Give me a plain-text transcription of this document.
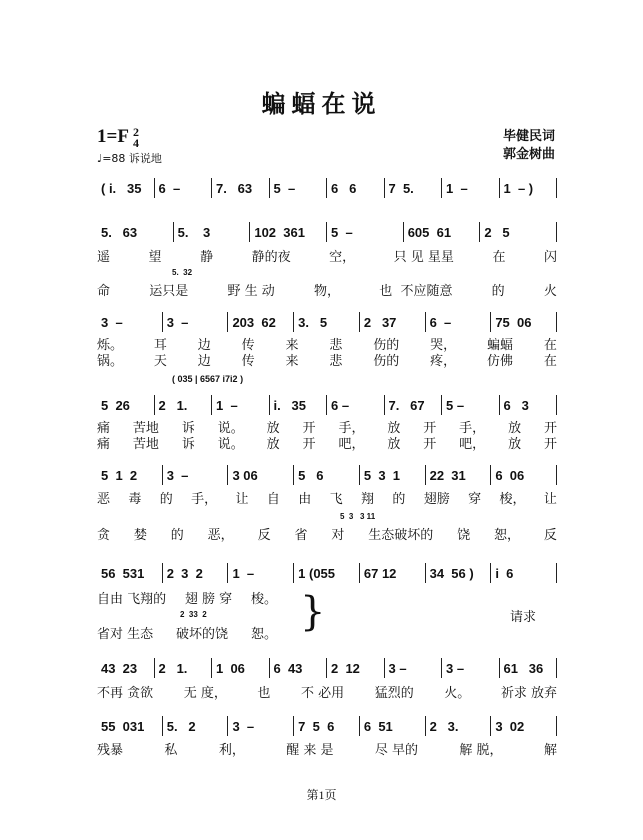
蝙蝠在说
1=F 2
4
♩=88 诉说地
毕健民词
郭金树曲
( i.   35	6  –	7.   63	5  –	6   6	7  5.	1  –	1  – )
5.   63	5.    3	102  361	5  –	605  61	2   5
遥	望	静	静的夜	空，	只 见 星星	在	闪
命	运只是	野 生 动	物，	也  不应随意	的	火
5.  32
3  –	3  –	203  62	3.   5	2   37	6  –	75  06
烁。 耳 边 传 来 悲 伤的 哭， 蝙蝠 在
锅。 天 边 传 来 悲 伤的 疼， 仿佛 在
5  26	2   1.	1  –	i.   35	6 –	7.   67	5 –	6   3
痛 苦地 诉 说。 放 开 手， 放 开 手， 放 开
痛 苦地 诉 说。 放 开 吧， 放 开 吧， 放 开
( 035 | 6567 i7i2 )
5  1  2	3  –	3 06	5   6	5  3  1	22  31	6  06
恶 毒 的 手， 让 自 由 飞 翔 的 翅膀 穿 梭， 让
贪 婪 的 恶， 反 省 对 生态破坏的 饶 恕， 反
5  3   3 11
56  531	2  3  2	1  –	1 (055	67 12	34  56 )	i  6
自由 飞翔的 翅 膀 穿 梭。
省对 生态 破坏的饶 恕。
2  33  2	请求
}
43  23	2   1.	1  06	6  43	2  12	3 –	3 –	61   36
不再 贪欲 无 度， 也 不 必用 猛烈的 火。 祈求 放弃
55  031	5.   2	3  –	7  5  6	6  51	2   3.	3  02
残暴	私	利，	醒 来 是	尽 早的	解 脱，	解
第1页
